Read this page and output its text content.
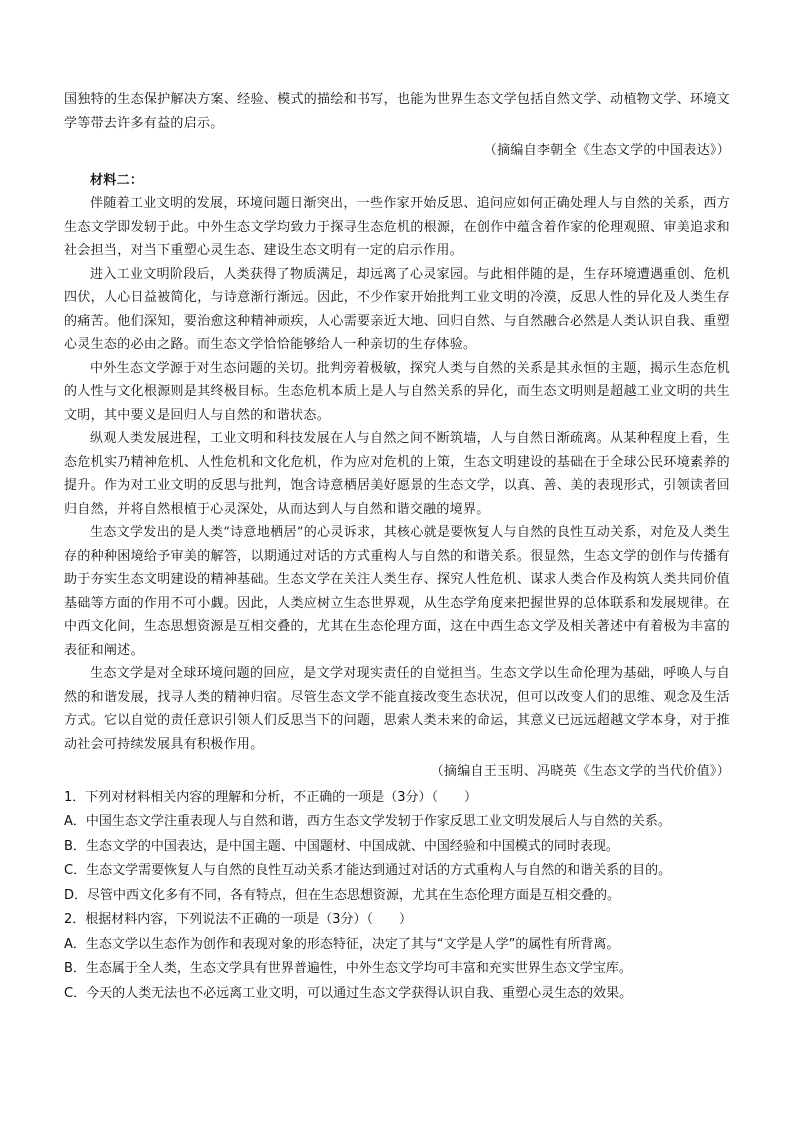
国独特的生态保护解决方案、经验、模式的描绘和书写，也能为世界生态文学包括自然文学、动植物文学、环境文学等带去许多有益的启示。

（摘编自李朝全《生态文学的中国表达》）

材料二：

伴随着工业文明的发展，环境问题日渐突出，一些作家开始反思、追问应如何正确处理人与自然的关系，西方生态文学即发轫于此。中外生态文学均致力于探寻生态危机的根源，在创作中蕴含着作家的伦理观照、审美追求和社会担当，对当下重塑心灵生态、建设生态文明有一定的启示作用。

进入工业文明阶段后，人类获得了物质满足，却远离了心灵家园。与此相伴随的是，生存环境遭遇重创、危机四伏，人心日益被简化，与诗意渐行渐远。因此，不少作家开始批判工业文明的冷漠，反思人性的异化及人类生存的痛苦。他们深知，要治愈这种精神顽疾，人心需要亲近大地、回归自然、与自然融合必然是人类认识自我、重塑心灵生态的必由之路。而生态文学恰恰能够给人一种亲切的生存体验。

中外生态文学源于对生态问题的关切。批判旁着极敏，探究人类与自然的关系是其永恒的主题，揭示生态危机的人性与文化根源则是其终极目标。生态危机本质上是人与自然关系的异化，而生态文明则是超越工业文明的共生文明，其中要义是回归人与自然的和谐状态。

纵观人类发展进程，工业文明和科技发展在人与自然之间不断筑墙，人与自然日渐疏离。从某种程度上看，生态危机实乃精神危机、人性危机和文化危机，作为应对危机的上策，生态文明建设的基础在于全球公民环境素养的提升。作为对工业文明的反思与批判，饱含诗意栖居美好愿景的生态文学，以真、善、美的表现形式，引领读者回归自然，并将自然根植于心灵深处，从而达到人与自然和谐交融的境界。

生态文学发出的是人类“诗意地栖居”的心灵诉求，其核心就是要恢复人与自然的良性互动关系，对危及人类生存的种种困境给予审美的解答，以期通过对话的方式重构人与自然的和谐关系。很显然，生态文学的创作与传播有助于夯实生态文明建设的精神基础。生态文学在关注人类生存、探究人性危机、谋求人类合作及构筑人类共同价值基础等方面的作用不可小觑。因此，人类应树立生态世界观，从生态学角度来把握世界的总体联系和发展规律。在中西文化间，生态思想资源是互相交叠的，尤其在生态伦理方面，这在中西生态文学及相关著述中有着极为丰富的表征和阐述。

生态文学是对全球环境问题的回应，是文学对现实责任的自觉担当。生态文学以生命伦理为基础，呼唤人与自然的和谐发展，找寻人类的精神归宿。尽管生态文学不能直接改变生态状况，但可以改变人们的思维、观念及生活方式。它以自觉的责任意识引领人们反思当下的问题，思索人类未来的命运，其意义已远远超越文学本身，对于推动社会可持续发展具有积极作用。

（摘编自王玉明、冯晓英《生态文学的当代价值》）

1．下列对材料相关内容的理解和分析，不正确的一项是（3分）（　　）

A．中国生态文学注重表现人与自然和谐，西方生态文学发轫于作家反思工业文明发展后人与自然的关系。

B．生态文学的中国表达，是中国主题、中国题材、中国成就、中国经验和中国模式的同时表现。

C．生态文学需要恢复人与自然的良性互动关系才能达到通过对话的方式重构人与自然的和谐关系的目的。

D．尽管中西文化多有不同，各有特点，但在生态思想资源，尤其在生态伦理方面是互相交叠的。

2．根据材料内容，下列说法不正确的一项是（3分）（　　）

A．生态文学以生态作为创作和表现对象的形态特征，决定了其与“文学是人学”的属性有所背离。

B．生态属于全人类，生态文学具有世界普遍性，中外生态文学均可丰富和充实世界生态文学宝库。

C．今天的人类无法也不必远离工业文明，可以通过生态文学获得认识自我、重塑心灵生态的效果。
